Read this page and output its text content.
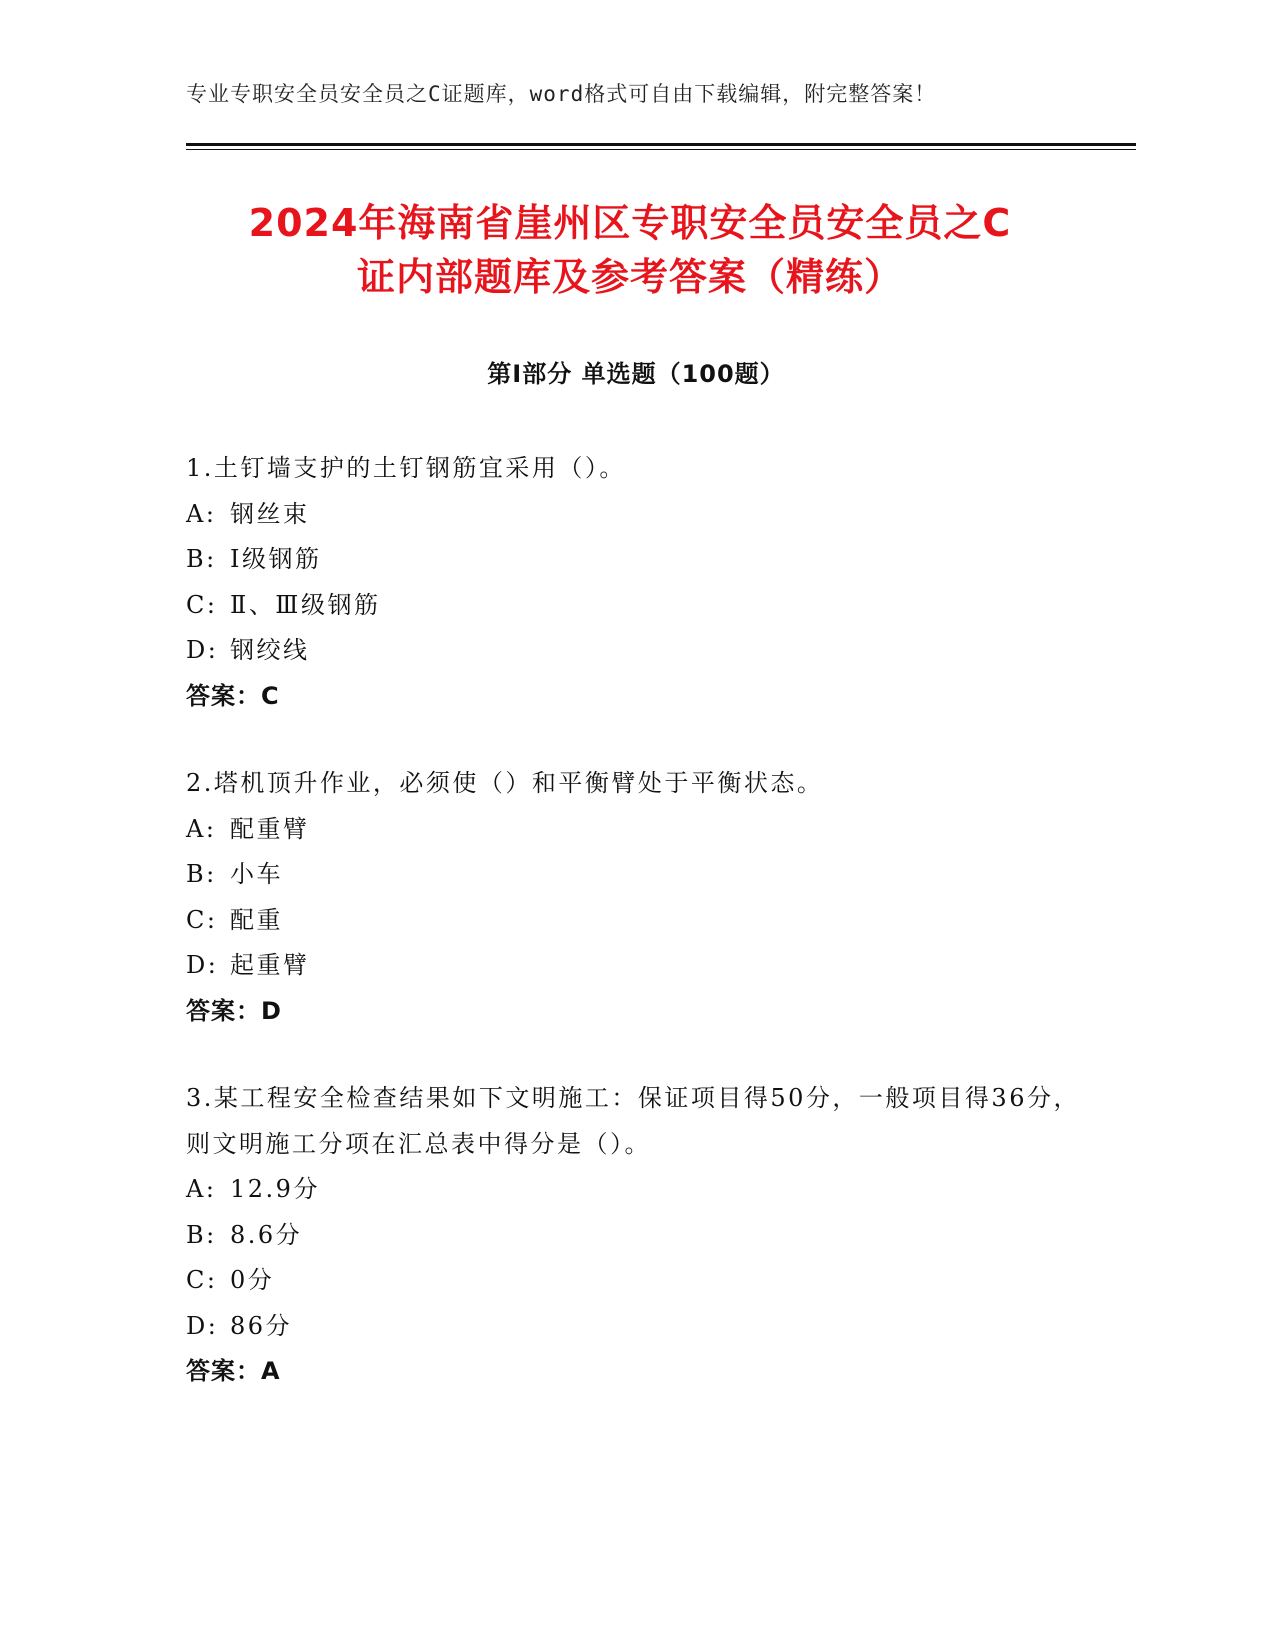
专业专职安全员安全员之C证题库，word格式可自由下载编辑，附完整答案！
2024年海南省崖州区专职安全员安全员之C
证内部题库及参考答案（精练）
第Ⅰ部分 单选题（100题）
1.土钉墙支护的土钉钢筋宜采用（）。
A: 钢丝束
B: Ⅰ级钢筋
C: Ⅱ、Ⅲ级钢筋
D: 钢绞线
答案：C
2.塔机顶升作业，必须使（）和平衡臂处于平衡状态。
A: 配重臂
B: 小车
C: 配重
D: 起重臂
答案：D
3.某工程安全检查结果如下文明施工：保证项目得50分，一般项目得36分，则文明施工分项在汇总表中得分是（）。
A: 12.9分
B: 8.6分
C: 0分
D: 86分
答案：A
